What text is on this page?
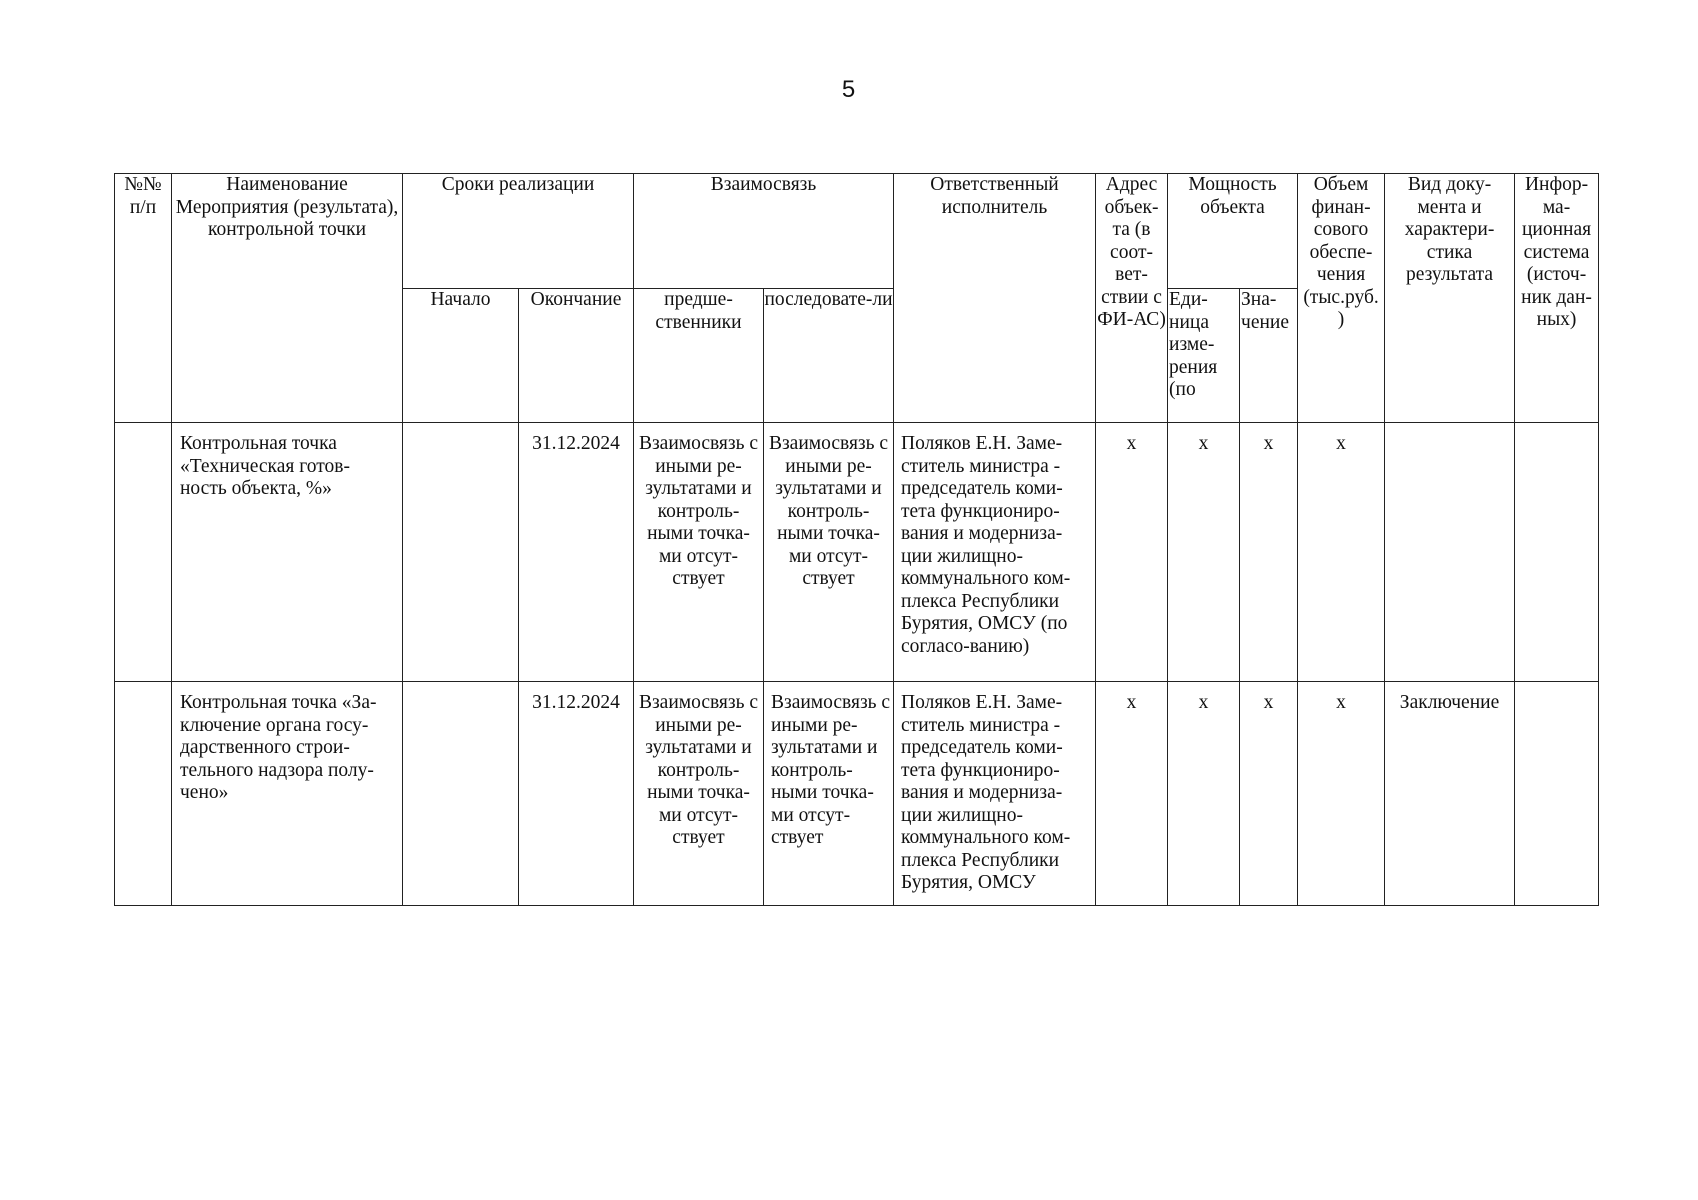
5
№№ п/п	Наименование Мероприятия (результата), контрольной точки	Сроки реализации		Взаимосвязь		Ответственный исполнитель	Адрес объек-та (в соот-вет-ствии с ФИ-АС)	Мощность объекта		Объем финан-сового обеспе-чения (тыс.руб. )	Вид доку-мента и характери-стика результата	Инфор-ма-ционная система (источ-ник дан-ных)
		Начало	Окончание	предше-ственники	последовате-ли			Еди-ница изме-рения (по	Зна-чение			

	Контрольная точка «Техническая готов-ность объекта, %»		31.12.2024	Взаимосвязь с иными ре-зультатами и контроль-ными точка-ми отсут-ствует	Взаимосвязь с иными ре-зультатами и контроль-ными точка-ми отсут-ствует	Поляков Е.Н. Заме-ститель министра - председатель коми-тета функциониро-вания и модерниза-ции жилищно-коммунального ком-плекса Республики Бурятия, ОМСУ (по согласо-ванию)	x	x	x	x		

	Контрольная точка «За-ключение органа госу-дарственного строи-тельного надзора полу-чено»		31.12.2024	Взаимосвязь с иными ре-зультатами и контроль-ными точка-ми отсут-ствует	Взаимосвязь с иными ре-зультатами и контроль-ными точка-ми отсут-ствует	Поляков Е.Н. Заме-ститель министра - председатель коми-тета функциониро-вания и модерниза-ции жилищно-коммунального ком-плекса Республики Бурятия, ОМСУ	x	x	x	x	Заключение	
